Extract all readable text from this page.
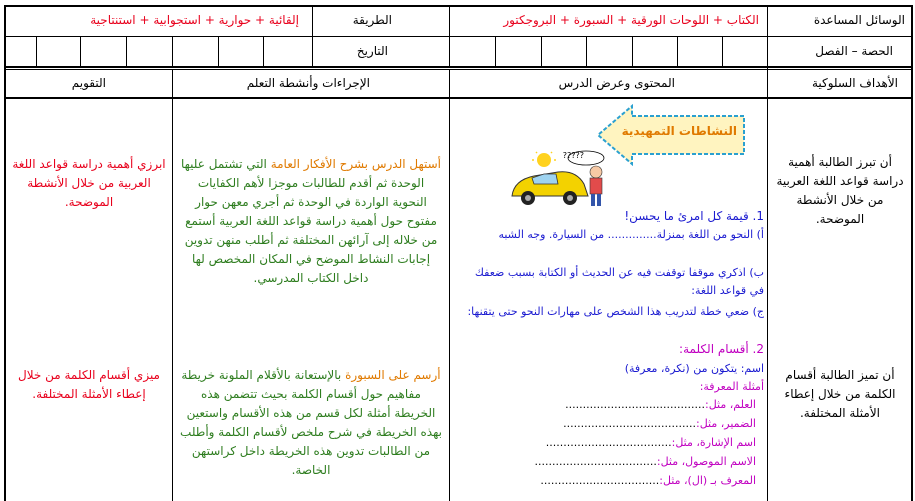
الوسائل المساعدة
الكتاب + اللوحات الورقية + السبورة + البروجكتور
الطريقة
إلقائية + حوارية + استجوابية + استنتاجية
الحصة – الفصل
التاريخ
الأهداف السلوكية
المحتوى وعرض الدرس
الإجراءات وأنشطة التعلم
التقويم
أن تبرز الطالبة أهمية دراسة قواعد اللغة العربية من خلال الأنشطة الموضحة.
أن تميز الطالبة أقسام الكلمة من خلال إعطاء الأمثلة المختلفة.
النشاطات التمهيدية
?????
1. قيمة كل امرئ ما يحسن!
أ) النحو من اللغة بمنزلة.............. من السيارة. وجه الشبه
ب) اذكري موقفا توقفت فيه عن الحديث أو الكتابة بسبب ضعفك في قواعد اللغة:
ج) ضعي خطة لتدريب هذا الشخص على مهارات النحو حتى يتقنها:
2. أقسام الكلمة:
اسم: يتكون من (نكرة، معرفة)
أمثلة المعرفة:
العلم، مثل:........................................
الضمير، مثل:......................................
اسم الإشارة، مثل:....................................
الاسم الموصول، مثل:...................................
المعرف بـ (ال)، مثل:..................................
أستهل الدرس بشرح الأفكار العامة التي تشتمل عليها الوحدة ثم أقدم للطالبات موجزا لأهم الكفايات النحوية الواردة في الوحدة ثم أجري معهن حوار مفتوح حول أهمية دراسة قواعد اللغة العربية أستمع من خلاله إلى آرائهن المختلفة ثم أطلب منهن تدوين إجابات النشاط الموضح في المكان المخصص لها داخل الكتاب المدرسي.
أرسم على السبورة بالإستعانة بالأقلام الملونة خريطة مفاهيم حول أقسام الكلمة بحيث تتضمن هذه الخريطة أمثلة لكل قسم من هذه الأقسام واستعين بهذه الخريطة في شرح ملخص لأقسام الكلمة وأطلب من الطالبات تدوين هذه الخريطة داخل كراستهن الخاصة.
ابرزي أهمية دراسة قواعد اللغة العربية من خلال الأنشطة الموضحة.
ميزي أقسام الكلمة من خلال إعطاء الأمثلة المختلفة.
